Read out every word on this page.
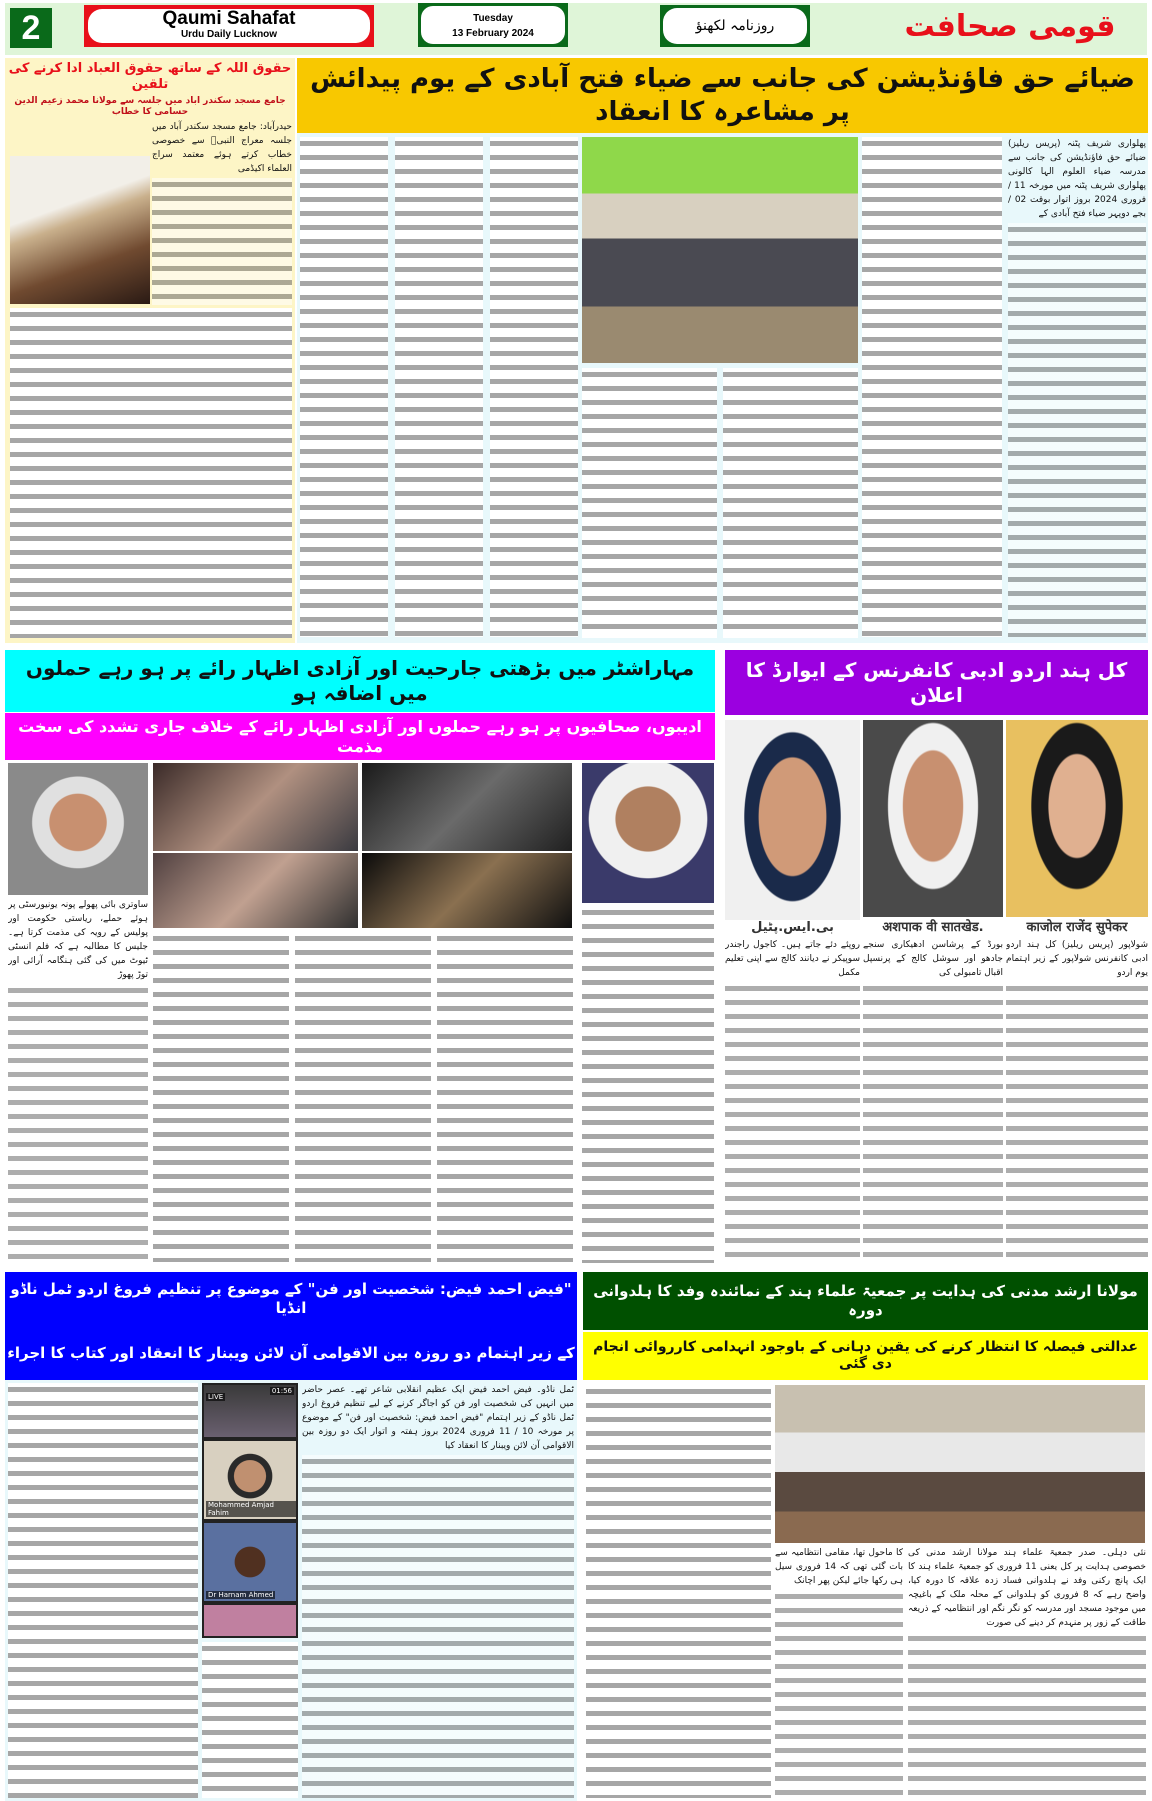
2	Qaumi Sahafat
Urdu Daily Lucknow
Tuesday
13 February 2024	روزنامہ لکھنؤ	قومی صحافت
حقوق اللہ کے ساتھ حقوق العباد ادا کرنے کی تلقین
جامع مسجد سکندر آباد میں جلسہ سے مولانا محمد زعیم الدین حسامی کا خطاب
حیدرآباد: جامع مسجد سکندر آباد میں جلسہ معراج النبیؐ سے خصوصی خطاب کرتے ہوئے معتمد سراج العلماء اکیڈمی
ضیائے حق فاؤنڈیشن کی جانب سے ضیاء فتح آبادی کے یوم پیدائش پر مشاعرہ کا انعقاد
پھلواری شریف پٹنہ (پریس ریلیز) ضیائے حق فاؤنڈیشن کی جانب سے مدرسہ ضیاء العلوم الہا کالونی پھلواری شریف پٹنہ میں مورخہ 11 / فروری 2024 بروز اتوار بوقت 02 / بجے دوپہر ضیاء فتح آبادی کے
مہاراشٹر میں بڑھتی جارحیت اور آزادی اظہار رائے پر ہو رہے حملوں میں اضافہ ہو
ادیبوں، صحافیوں پر ہو رہے حملوں اور آزادی اظہار رائے کے خلاف جاری تشدد کی سخت مذمت
ساوتری بائی پھولے پونہ یونیورسٹی پر ہوئے حملے، ریاستی حکومت اور پولیس کے رویہ کی مذمت کرتا ہے۔ جلیس کا مطالبہ ہے کہ فلم انسٹی ٹیوٹ میں کی گئی ہنگامہ آرائی اور توڑ پھوڑ
کل ہند اردو ادبی کانفرنس کے ایوارڈ کا اعلان
بی.ایس.پٹیل	अशपाक वी सातखेड.	काजोल राजेंद सुपेकर
شولاپور (پریس ریلیز) کل ہند اردو ادبی کانفرنس شولاپور کے زیر اہتمام یوم اردو
بورڈ کے پرشاسن ادھیکاری سنجے جادھو اور سوشل کالج کے پرنسپل اقبال تامبولی کی
روپئے دئے جاتے ہیں۔ کاجول راجندر سوپیکر نے دیانند کالج سے اپنی تعلیم مکمل
"فیض احمد فیض: شخصیت اور فن" کے موضوع پر تنظیم فروغ اردو ٹمل ناڈو انڈیا
کے زیر اہتمام دو روزہ بین الاقوامی آن لائن ویبنار کا انعقاد اور کتاب کا اجراء
LIVE
01:56
Mohammed Amjad Fahim
Dr Harnam Ahmed
ٹمل ناڈو۔ فیض احمد فیض ایک عظیم انقلابی شاعر تھے۔ عصر حاضر میں انہیں کی شخصیت اور فن کو اجاگر کرنے کے لیے تنظیم فروغ اردو ٹمل ناڈو کے زیر اہتمام "فیض احمد فیض: شخصیت اور فن" کے موضوع پر مورخہ 10 / 11 فروری 2024 بروز ہفتہ و اتوار ایک دو روزہ بین الاقوامی آن لائن ویبنار کا انعقاد کیا
مولانا ارشد مدنی کی ہدایت پر جمعیۃ علماء ہند کے نمائندہ وفد کا ہلدوانی دورہ
عدالتی فیصلہ کا انتظار کرنے کی یقین دہانی کے باوجود انہدامی کارروائی انجام دی گئی
نئی دہلی۔ صدر جمعیۃ علماء ہند مولانا ارشد مدنی کی خصوصی ہدایت پر کل یعنی 11 فروری کو جمعیۃ علماء ہند کا ایک پانچ رکنی وفد نے ہلدوانی فساد زدہ علاقہ کا دورہ کیا، واضح رہے کہ 8 فروری کو ہلدوانی کے محلہ ملک کے باغیچہ میں موجود مسجد اور مدرسہ کو نگر نگم اور انتظامیہ کے ذریعہ طاقت کے زور پر منہدم کر دینے کی صورت
کا ماحول تھا، مقامی انتظامیہ سے بات گئی تھی کہ 14 فروری سیل ہی رکھا جائے لیکن پھر اچانک
